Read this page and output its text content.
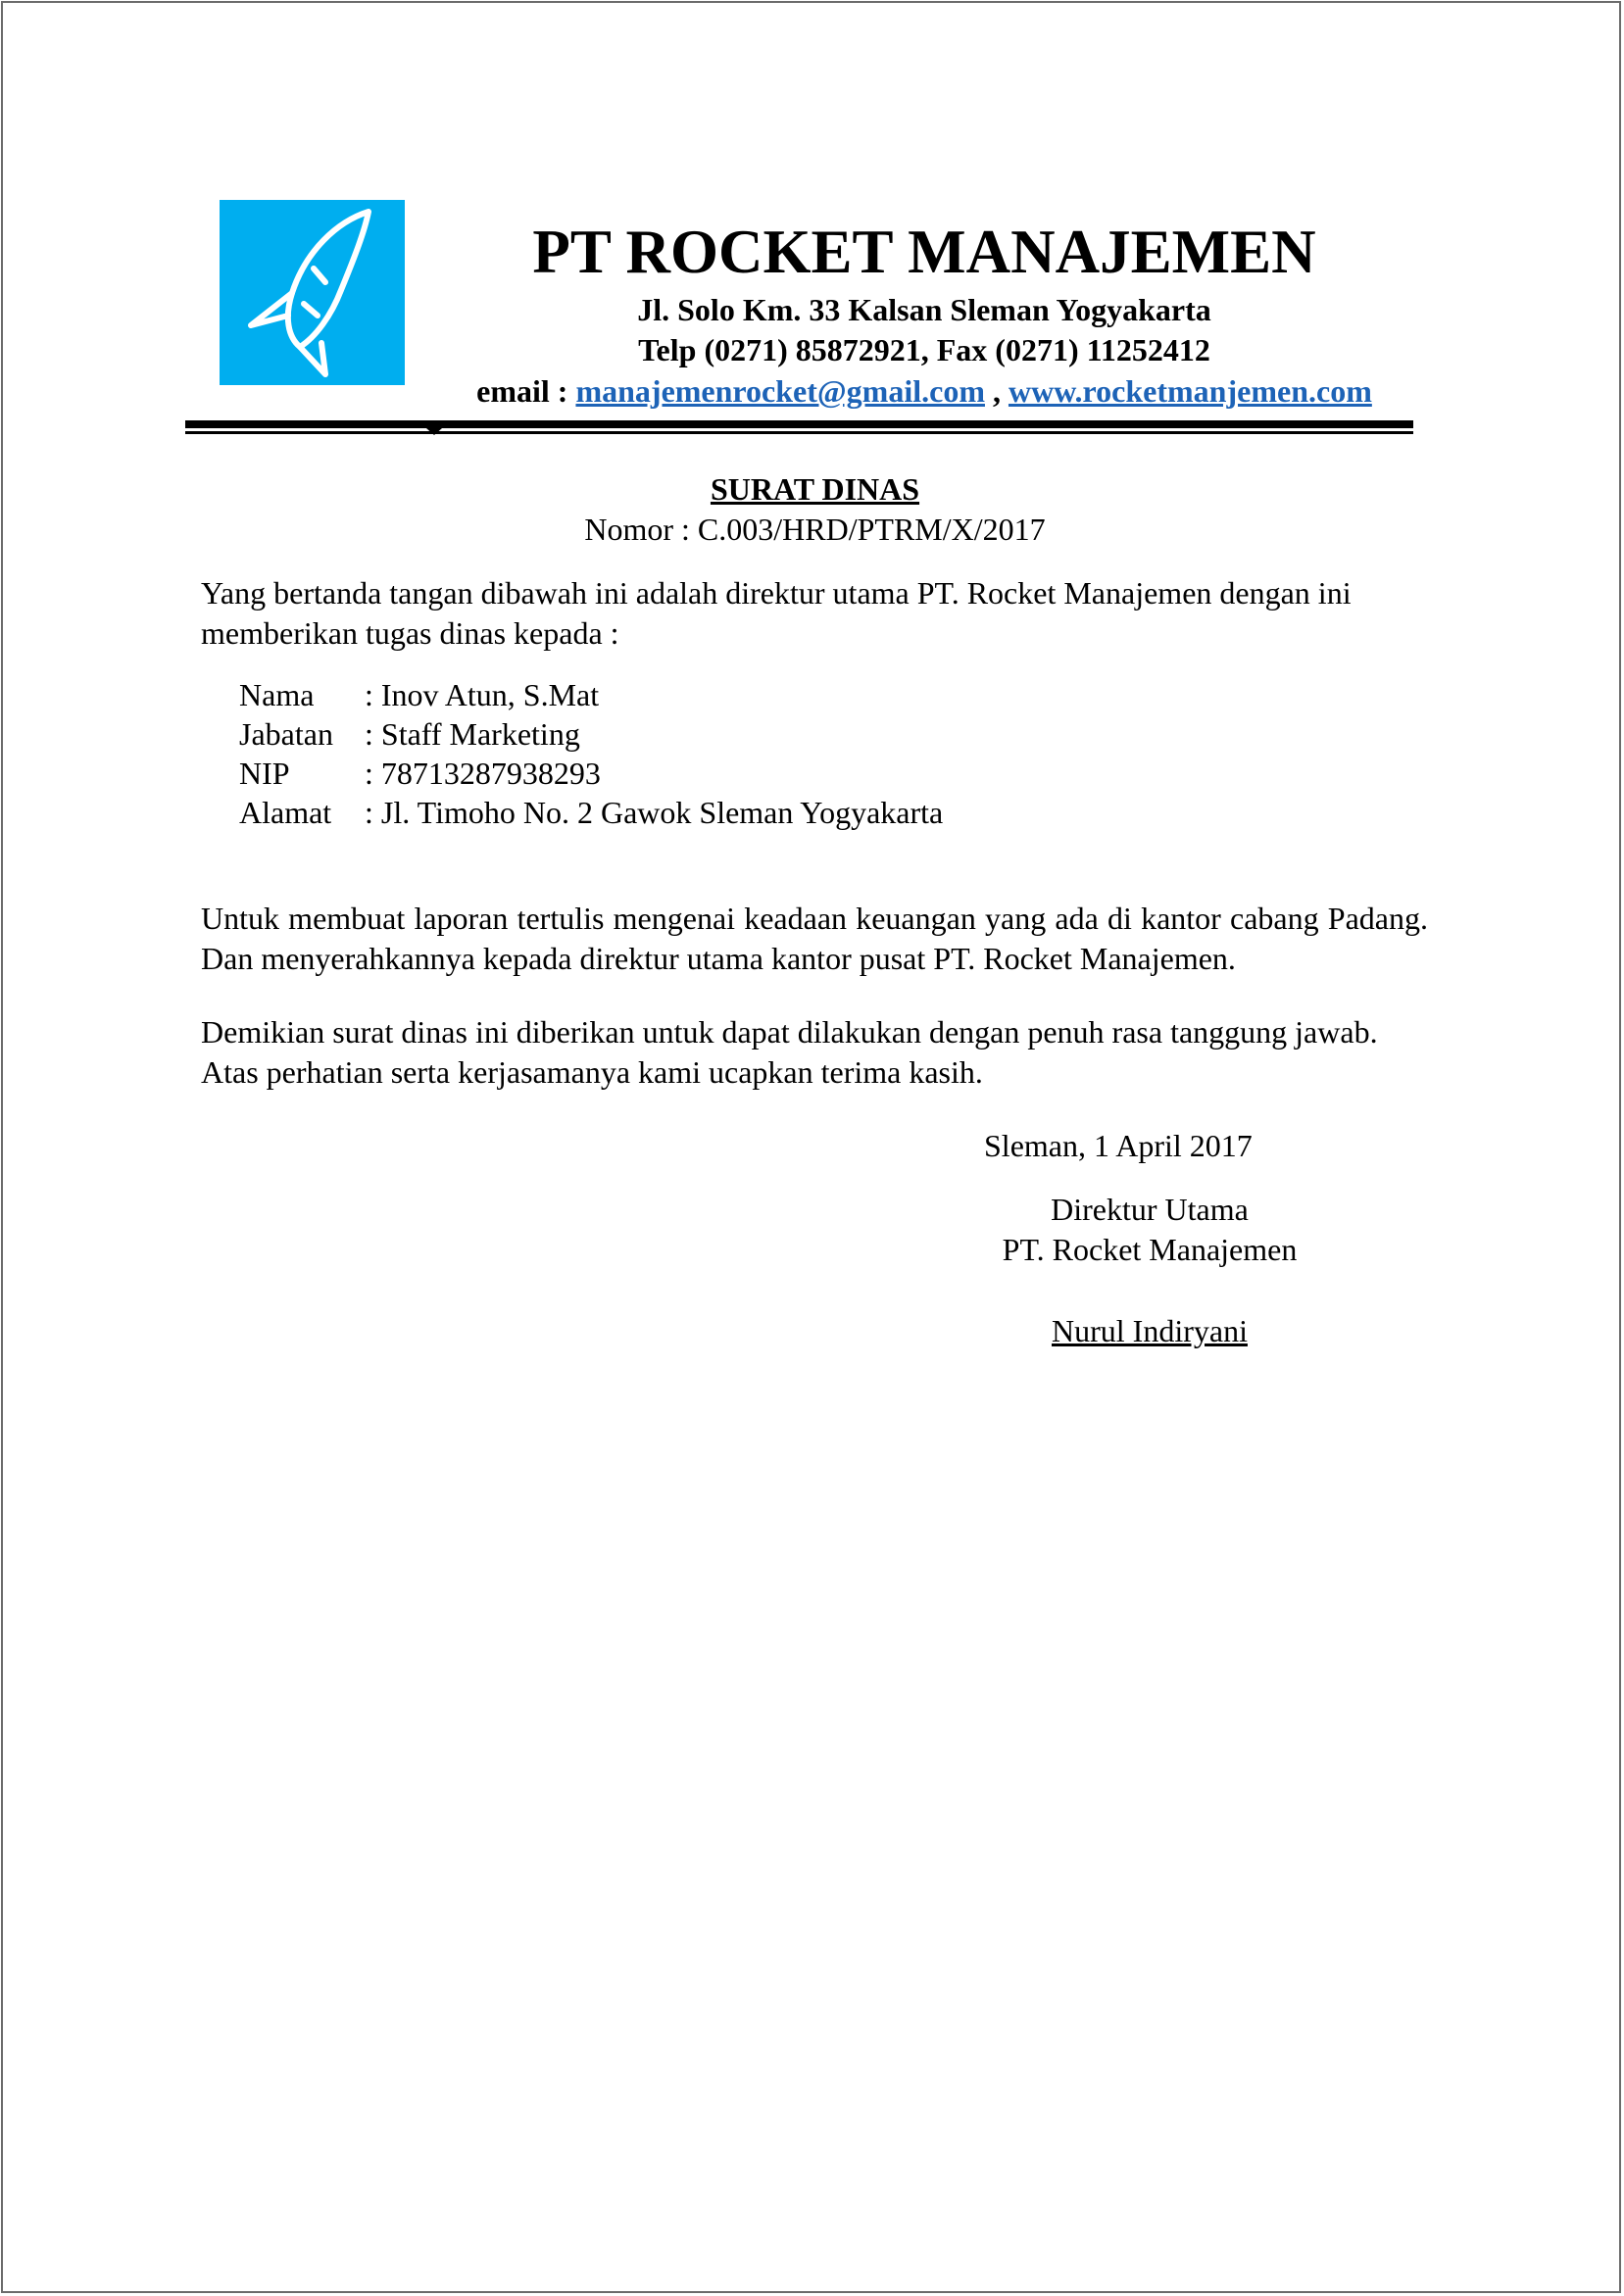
PT ROCKET MANAJEMEN
Jl. Solo Km. 33 Kalsan Sleman Yogyakarta
Telp (0271) 85872921, Fax (0271) 11252412
email : manajemenrocket@gmail.com , www.rocketmanjemen.com
SURAT DINAS
Nomor : C.003/HRD/PTRM/X/2017

Yang bertanda tangan dibawah ini adalah direktur utama PT. Rocket Manajemen dengan ini memberikan tugas dinas kepada :

Nama	: Inov Atun, S.Mat
Jabatan	: Staff Marketing
NIP	: 78713287938293
Alamat	: Jl. Timoho No. 2 Gawok Sleman Yogyakarta

Untuk membuat laporan tertulis mengenai keadaan keuangan yang ada di kantor cabang Padang. Dan menyerahkannya kepada direktur utama kantor pusat PT. Rocket Manajemen.

Demikian surat dinas ini diberikan untuk dapat dilakukan dengan penuh rasa tanggung jawab. Atas perhatian serta kerjasamanya kami ucapkan terima kasih.

Sleman, 1 April 2017
Direktur Utama
PT. Rocket Manajemen
Nurul Indiryani
